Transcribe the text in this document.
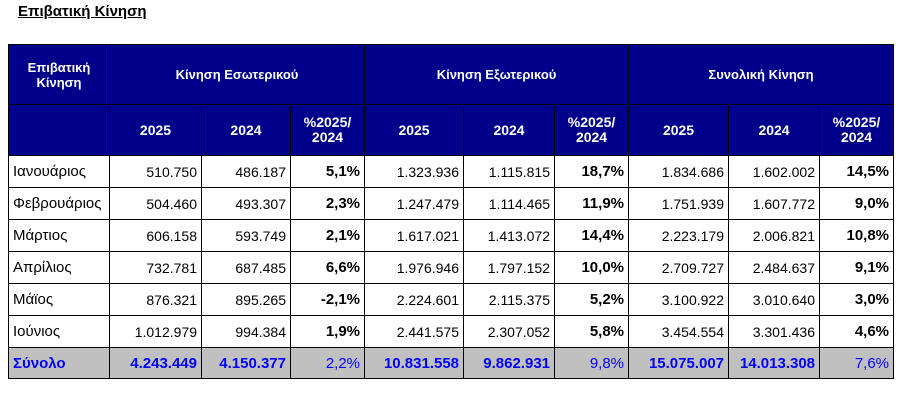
Επιβατική Κίνηση
Επιβατική Κίνηση	Κίνηση Εσωτερικού			Κίνηση Εξωτερικού			Συνολική Κίνηση		
	2025	2024	%2025/ 2024	2025	2024	%2025/ 2024	2025	2024	%2025/ 2024
Ιανουάριος	510.750	486.187	5,1%	1.323.936	1.115.815	18,7%	1.834.686	1.602.002	14,5%
Φεβρουάριος	504.460	493.307	2,3%	1.247.479	1.114.465	11,9%	1.751.939	1.607.772	9,0%
Μάρτιος	606.158	593.749	2,1%	1.617.021	1.413.072	14,4%	2.223.179	2.006.821	10,8%
Απρίλιος	732.781	687.485	6,6%	1.976.946	1.797.152	10,0%	2.709.727	2.484.637	9,1%
Μάϊος	876.321	895.265	-2,1%	2.224.601	2.115.375	5,2%	3.100.922	3.010.640	3,0%
Ιούνιος	1.012.979	994.384	1,9%	2.441.575	2.307.052	5,8%	3.454.554	3.301.436	4,6%
Σύνολο	4.243.449	4.150.377	2,2%	10.831.558	9.862.931	9,8%	15.075.007	14.013.308	7,6%
